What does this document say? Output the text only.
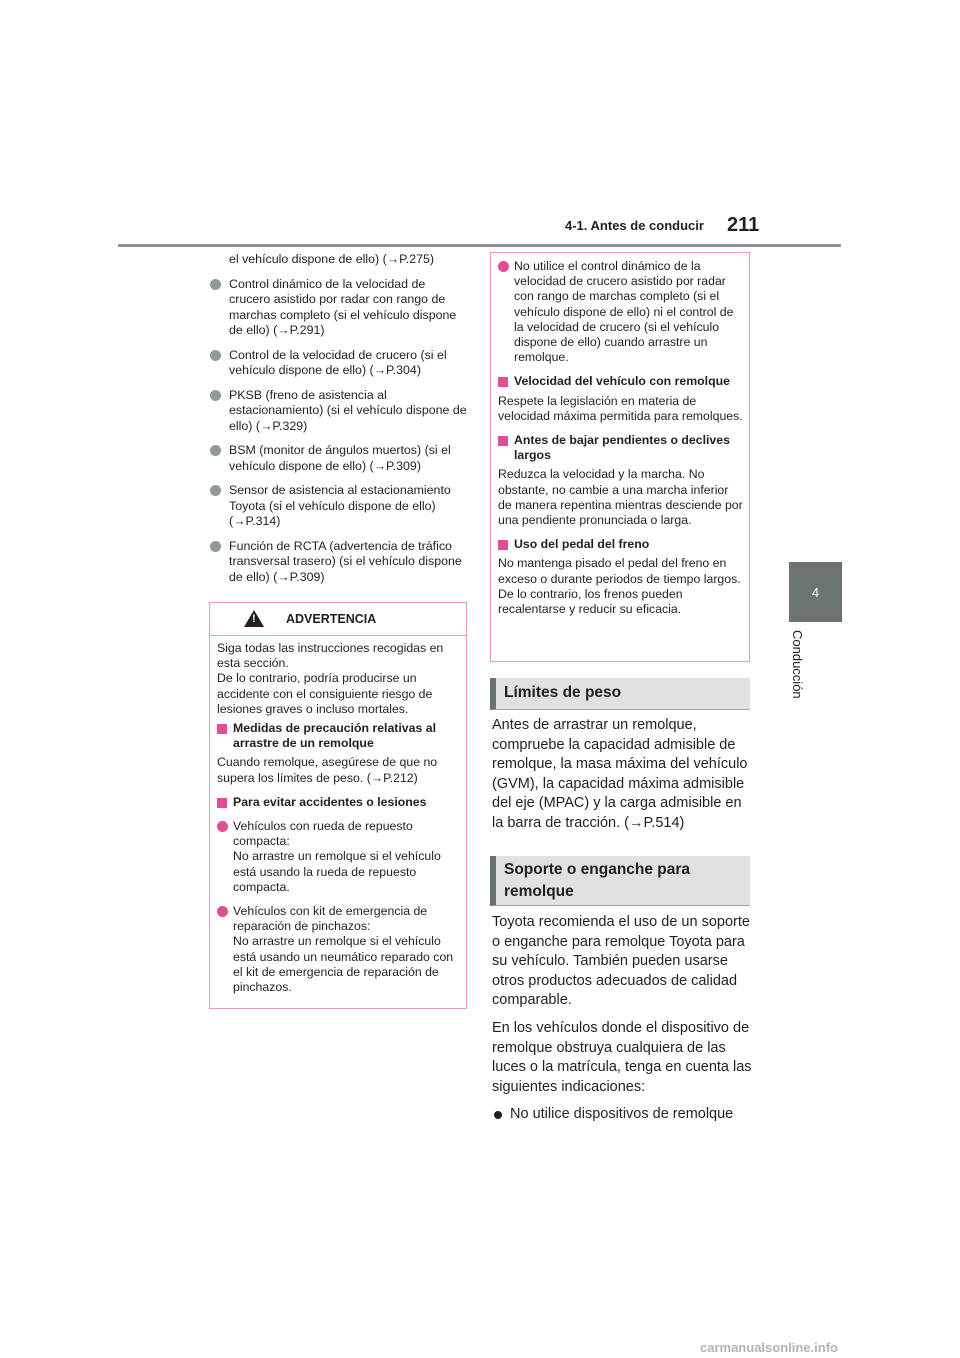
4-1. Antes de conducir 211
4
Conducción
el vehículo dispone de ello) (→P.275)
Control dinámico de la velocidad de crucero asistido por radar con rango de marchas completo (si el vehículo dispone de ello) (→P.291)
Control de la velocidad de crucero (si el vehículo dispone de ello) (→P.304)
PKSB (freno de asistencia al estacionamiento) (si el vehículo dispone de ello) (→P.329)
BSM (monitor de ángulos muertos) (si el vehículo dispone de ello) (→P.309)
Sensor de asistencia al estacionamiento Toyota (si el vehículo dispone de ello) (→P.314)
Función de RCTA (advertencia de tráfico transversal trasero) (si el vehículo dispone de ello) (→P.309)
! ADVERTENCIA
Siga todas las instrucciones recogidas en esta sección.
De lo contrario, podría producirse un accidente con el consiguiente riesgo de lesiones graves o incluso mortales.
Medidas de precaución relativas al arrastre de un remolque
Cuando remolque, asegúrese de que no supera los límites de peso. (→P.212)
Para evitar accidentes o lesiones
Vehículos con rueda de repuesto compacta:
No arrastre un remolque si el vehículo está usando la rueda de repuesto compacta.
Vehículos con kit de emergencia de reparación de pinchazos:
No arrastre un remolque si el vehículo está usando un neumático reparado con el kit de emergencia de reparación de pinchazos.
No utilice el control dinámico de la velocidad de crucero asistido por radar con rango de marchas completo (si el vehículo dispone de ello) ni el control de la velocidad de crucero (si el vehículo dispone de ello) cuando arrastre un remolque.
Velocidad del vehículo con remolque
Respete la legislación en materia de velocidad máxima permitida para remolques.
Antes de bajar pendientes o declives largos
Reduzca la velocidad y la marcha. No obstante, no cambie a una marcha inferior de manera repentina mientras desciende por una pendiente pronunciada o larga.
Uso del pedal del freno
No mantenga pisado el pedal del freno en exceso o durante periodos de tiempo largos.
De lo contrario, los frenos pueden recalentarse y reducir su eficacia.
Límites de peso

Antes de arrastrar un remolque, compruebe la capacidad admisible de remolque, la masa máxima del vehículo (GVM), la capacidad máxima admisible del eje (MPAC) y la carga admisible en la barra de tracción. (→P.514)

Soporte o enganche para remolque

Toyota recomienda el uso de un soporte o enganche para remolque Toyota para su vehículo. También pueden usarse otros productos adecuados de calidad comparable.

En los vehículos donde el dispositivo de remolque obstruya cualquiera de las luces o la matrícula, tenga en cuenta las siguientes indicaciones:

No utilice dispositivos de remolque
carmanualsonline.info
